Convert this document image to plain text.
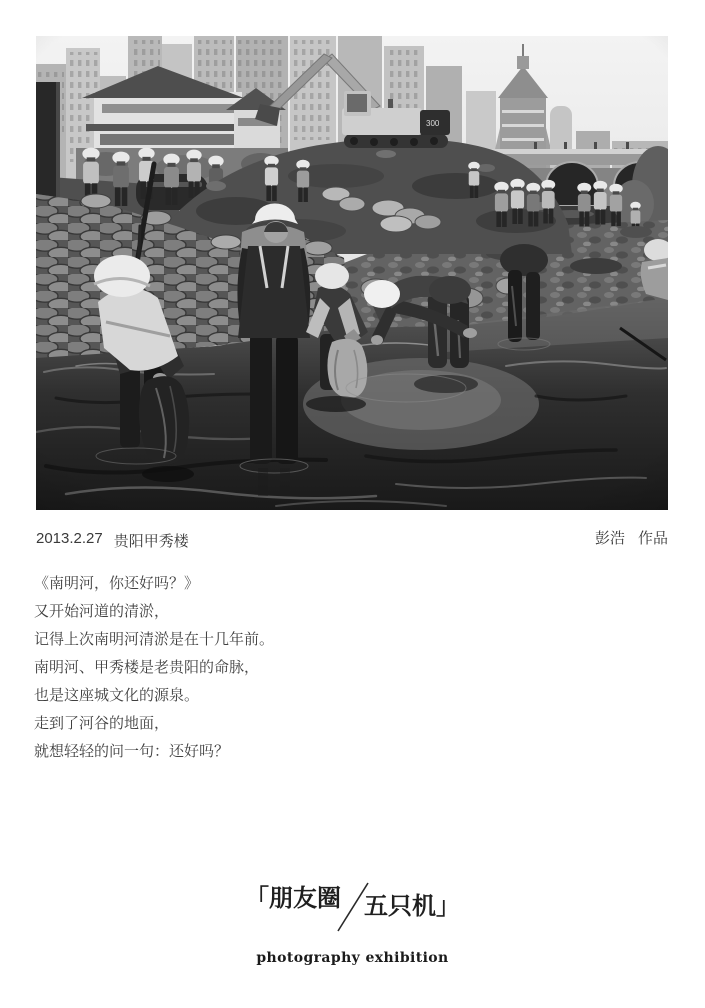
2013.2.27 贵阳甲秀楼	彭浩 作品
《南明河，你还好吗？》
又开始河道的清淤，
记得上次南明河清淤是在十几年前。
南明河、甲秀楼是老贵阳的命脉，
也是这座城文化的源泉。
走到了河谷的地面，
就想轻轻的问一句：还好吗？
「 朋友圈 五只机 」
photography exhibition
